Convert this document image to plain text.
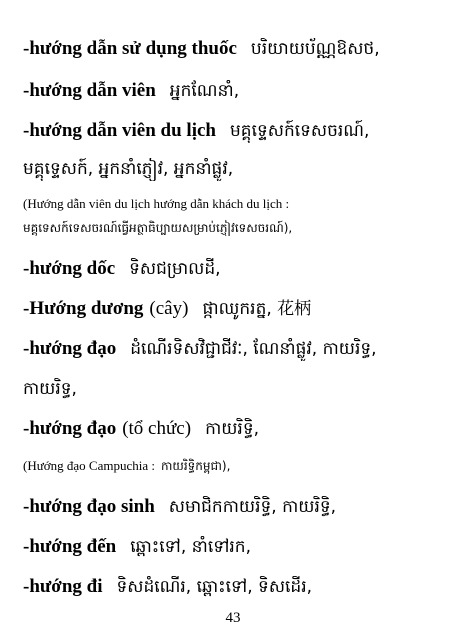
-hướng dẫn sử dụng thuốc បរិយាយប័ណ្ណឱសថ,
-hướng dẫn viên អ្នកណែនាំ,
-hướng dẫn viên du lịch មគ្គុទ្ទេសក៍ទេសចរណ៍,
មគ្គុទ្ទេសក៍, អ្នកនាំភ្ញៀវ, អ្នកនាំផ្លូវ,
(Hướng dẫn viên du lịch hướng dẫn khách du lịch :
មគ្គុទេសក៍ទេសចរណ៍ធ្វើអត្ថាធិប្បាយសម្រាប់ភ្ញៀវទេសចរណ៍),
-hướng dốc ទិសជម្រាលដី,
-Hướng dương (cây) ផ្កាឈូករត្ន, 花柄
-hướng đạo ដំណើរទិសវិជ្ជាជីវៈ, ណែនាំផ្លូវ, កាយរិទ្ធ,
កាយរិទ្ធ,
-hướng đạo (tổ chức) កាយរិទ្ធិ,
(Hướng đạo Campuchia : កាយរិទ្ធិកម្ពុជា),
-hướng đạo sinh សមាជិកកាយរិទ្ធិ, កាយរិទ្ធិ,
-hướng đến ឆ្ពោះទៅ, នាំទៅរក,
-hướng đi ទិសដំណើរ, ឆ្ពោះទៅ, ទិសដើរ,
43
